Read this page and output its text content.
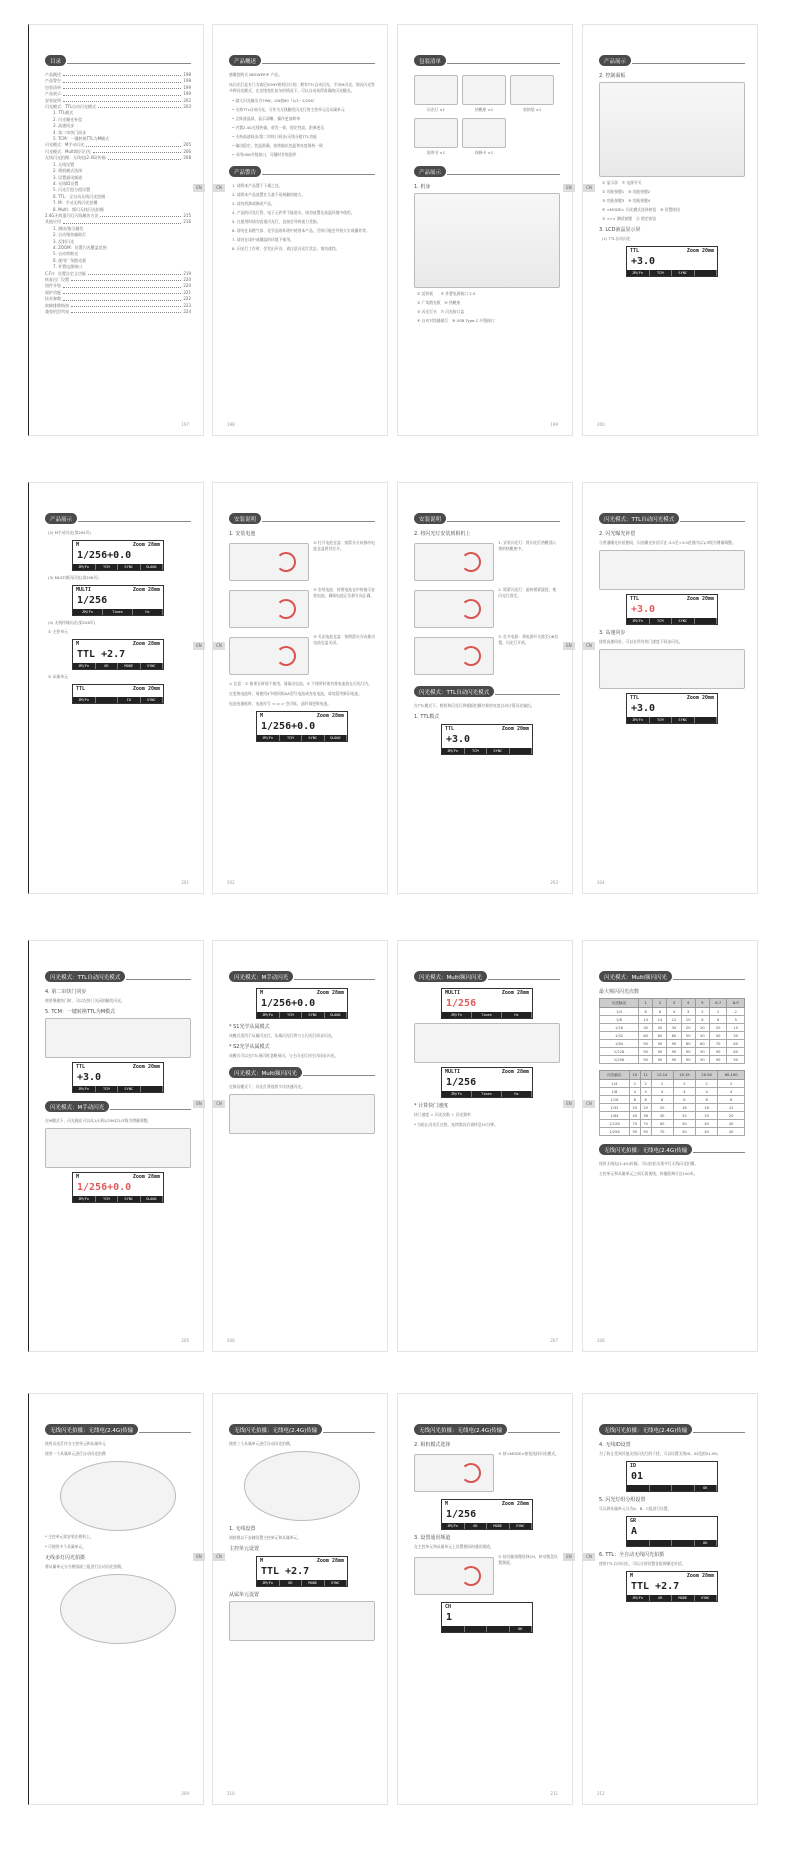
目录
产品概述	198
产品警告	198
包装清单	199
产品展示	199
安装说明	202
闪光模式：TTL自动闪光模式	203
1. TTL模式
2. 闪光曝光补偿
3. 高速同步
4. 第二帘快门同步
5. TCM：一键转换TTL为M模式
闪光模式：M手动闪光	205
闪光模式：Multi频闪闪光	206
无线闪光拍摄：无线电(2.4G)传输	208
1. 无线设置
2. 相机模式选择
3. 设置通讯频道
4. 无线ID设置
5. 闪光灯组分组设置
6. TTL：全自动无线闪光拍摄
7. M：手动无线闪光拍摄
8. Multi：频闪无线闪光拍摄
2.4G无线重闪灯闪烁解决方法	215
其他应用	216
1. 测试/指示触发
2. 自动聚焦辅助灯
3. 反射闪光
4. ZOOM：设置闪光覆盖范围
5. 自动剪断光
6. 使用广角散光板
7. 外置电源接口
C.Fn：设置自定义功能	219
恢复出厂设置	220
固件升级	220
保护功能	221
技术参数	222
故障排除指南	223
兼容机型列表	224
197
产品概述
感谢您购买 NEEWER® 产品。
该闪光灯是专门为索尼SONY相机设计的，拥有TTL自动闪光、手动M闪光、频闪闪光等多种闪光模式，在光线变化复杂的情况下，可以自动获得准确的闪光曝光。
• 最大闪光输出为79W，GN值60（1/1~1/256）
• 支持TTL自动闪光，可作为无线触发闪光灯的主控单元及从属单元
• 点阵液晶屏，显示清晰，操作更加简单
• 内置2.4G无线传输，收发一体，稳定性高，距离更远
• 支持高速同步/第二帘快门同步/无线分组TTL功能
• 输出稳定，色温准确，连续输出色温和亮度保持一致
• 采用USB升级接口，可随时升级固件
产品警告
1. 请将本产品置于干燥之处。
2. 请将本产品放置在儿童不易接触的地方。
3. 请勿拆卸或修改产品。
4. 产品的闪光灯管、电子元件等不能进水，请勿放置在高温环境中使用。
5. 在使用时请勿直视闪光灯，直接会导致视力受损。
6. 请勿在易燃气体、化学品的环境中使用本产品，否则可能会导致火灾或爆炸等。
7. 请勿在雨中或潮湿的环境下使用。
8. 闪光灯工作时，会发出声音，请注意闪光灯状态，请勿遮挡。
198
包装清单
闪光灯 ×1	热靴座 ×1	收纳袋 ×1
说明书 ×1	保修卡 ×1
产品展示
1. 机身
① 反射板　　⑤ 外置电源接口 2.5
② 广角散光板　⑥ 热靴座
③ 闪光灯头　⑦ 闪光接口盖
④ 自动对焦辅助灯　⑧ USB Type-C 升级接口
199
产品展示
2. 控制面板
① 显示屏　⑦ 电源开关
② 功能按键1　⑧ 功能按键2
③ 功能按键3　⑨ 功能按键4
④ <MODE> 闪光模式选择按钮　⑩ 设置按钮
⑤ <⚡> 测试按键　⑪ 锁定按钮
3. LCD液晶显示屏
(1) TTL自动闪光
TTL	Zoom 20mm
+3.0
ZM/Fn	TCM	SYNC
200
产品展示
(2) M手动闪光(第205页)
M	Zoom 28mm
1/256+0.0
ZM/Fn	TCM	SYNC	SLOW2
(3) MULTI频闪闪光(第206页)
MULTI	Zoom 28mm
1/256
ZM/Fn	Times	Hz
(4) 无线传输闪光(第208页)
① 主控单元
M	Zoom 28mm
TTL +2.7
ZM/Fn	GR	MODE	SYNC
② 从属单元
TTL	Zoom 20mm
ZM/Fn	ID	SYNC
201
安装说明
1. 安装电池
① 打开电池仓盖：按箭头方向推动电池仓盖将其打开。
② 安装电池：按照电池仓中的指示安装电池，确保电池正负极方向正确。
③ 关闭电池仓盖：按照箭头方向推动电池仓盖关闭。
⚠ 注意：① 如果长时间不使用，请取出电池。② 不使用时请勿将电池放在闪光灯内。
在更换电池时，请使用4节相同的AA型号电池或充电电池，请勿混用新旧电池。
电池电量低时，电池符号 < ▭ > 会闪烁，此时请更换电池。
M	Zoom 28mm
1/256+0.0
ZM/Fn	TCM	SYNC	SLOW2
202
安装说明
2. 将闪光灯安装到相机上
1. 安装闪光灯：将闪光灯热靴插入相机热靴座中。
2. 锁紧闪光灯：旋转锁紧旋钮，使闪光灯固定。
3. 打开电源：将电源开关拨至ON位置，闪光灯开机。
闪光模式：TTL自动闪光模式
在TTL模式下，相机和闪光灯将根据拍摄对象的亮度自动计算闪光输出。
1. TTL模式
TTL	Zoom 20mm
+3.0
ZM/Fn	TCM	SYNC
203
闪光模式：TTL自动闪光模式
2. 闪光曝光补偿
与普通曝光补偿相同，闪光曝光补偿可在-3.0至+3.0范围内以1/3级为增量调整。
TTL	Zoom 20mm
+3.0
ZM/Fn	TCM	SYNC
3. 高速同步
使用高速同步，可以在所有快门速度下同步闪光。
TTL	Zoom 20mm
+3.0
ZM/Fn	TCM	SYNC
204
闪光模式：TTL自动闪光模式
4. 第二帘快门同步
使用慢速快门时，可以在快门关闭前触发闪光。
5. TCM：一键转换TTL为M模式
TTL	Zoom 20mm
+3.0
ZM/Fn	TCM	SYNC
闪光模式：M手动闪光
在M模式下，闪光输出可以从1/1到1/256以1/3级为增量调整。
M	Zoom 28mm
1/256+0.0
ZM/Fn	TCM	SYNC	SLOW2
205
闪光模式：M手动闪光
M	Zoom 28mm
1/256+0.0
ZM/Fn	TCM	SYNC	SLOW2
* S1光学从属模式
该模式适用于从属闪光灯，从属闪光灯将与主闪光灯同步闪光。
* S2光学从属模式
该模式可以在TTL预闪时忽略预闪，与主闪光灯的主闪同步闪光。
闪光模式：Multi频闪闪光
在频闪模式下，闪光灯将连续多次快速闪光。
206
闪光模式：Multi频闪闪光
MULTI	Zoom 28mm
1/256
ZM/Fn	Times	Hz
MULTI	Zoom 28mm
1/256
ZM/Fn	Times	Hz
* 计算快门速度
快门速度 = 闪光次数 ÷ 闪光频率
* 为防止闪光灯过热，连续频闪后请休息10分钟。
207
闪光模式：Multi频闪闪光
最大频闪闪光次数
闪光输出	1	2	3	4	5	6-7	8-9
1/4	8	6	4	3	2	2	2
1/8	14	14	12	10	8	6	5
1/16	30	30	30	20	20	20	10
1/32	60	60	60	50	50	40	30
1/64	90	90	90	80	80	70	60
1/128	90	90	90	90	90	90	80
1/256	90	90	90	90	90	90	90
闪光输出	10	11	12-14	15-19	20-50	60-100
1/4	2	2	2	2	2	2
1/8	4	4	4	4	4	4
1/16	8	8	8	8	8	8
1/32	20	20	20	18	16	12
1/64	40	36	30	25	20	20
1/128	70	70	60	50	40	40
1/256	90	90	70	50	40	40
无线闪光拍摄：无线电(2.4G)传输
使用无线电(2.4G)传输，可以轻松实现多灯无线闪光拍摄。
主控单元和从属单元之间无需视线，传输距离可达100米。
208
无线闪光拍摄：无线电(2.4G)传输
使用闪光灯作为主控单元和从属单元
使用一个从属单元进行自动闪光拍摄
* 主控单元需安装在相机上。
* 可使用多个从属单元。
无线多灯闪光拍摄
将从属单元分为两组或三组进行自动闪光拍摄。
209
无线闪光拍摄：无线电(2.4G)传输
使用三个从属单元进行自动闪光拍摄。
1. 无线设置
请按照以下步骤设置主控单元和从属单元。
主控单元设置
M	Zoom 28mm
TTL +2.7
ZM/Fn	GR	MODE	SYNC
从属单元设置
210
无线闪光拍摄：无线电(2.4G)传输
2. 相机模式选择
① 按<MODE>按钮选择闪光模式。
M	Zoom 28mm
1/256
ZM/Fn	GR	MODE	SYNC
3. 设置通讯频道
在主控单元和从属单元上设置相同的通讯频道。
① 按功能按键选择CH，转动拨盘设置频道。
CH
1
OK
211
无线闪光拍摄：无线电(2.4G)传输
4. 无线ID设置
为了防止受到其他无线闪光灯的干扰，可以设置无线ID，ID范围01-99。
ID
01
OK
5. 闪光灯组分组设置
可以将从属单元分为A、B、C组进行设置。
GR
A
OK
6. TTL：全自动无线闪光拍摄
使用TTL自动闪光，可以分别设置各组的曝光补偿。
M	Zoom 28mm
TTL +2.7
ZM/Fn	GR	MODE	SYNC
212
EN	CN	EN	CN
EN	CN	EN	CN
EN	CN	EN	CN
EN	CN	EN	CN
